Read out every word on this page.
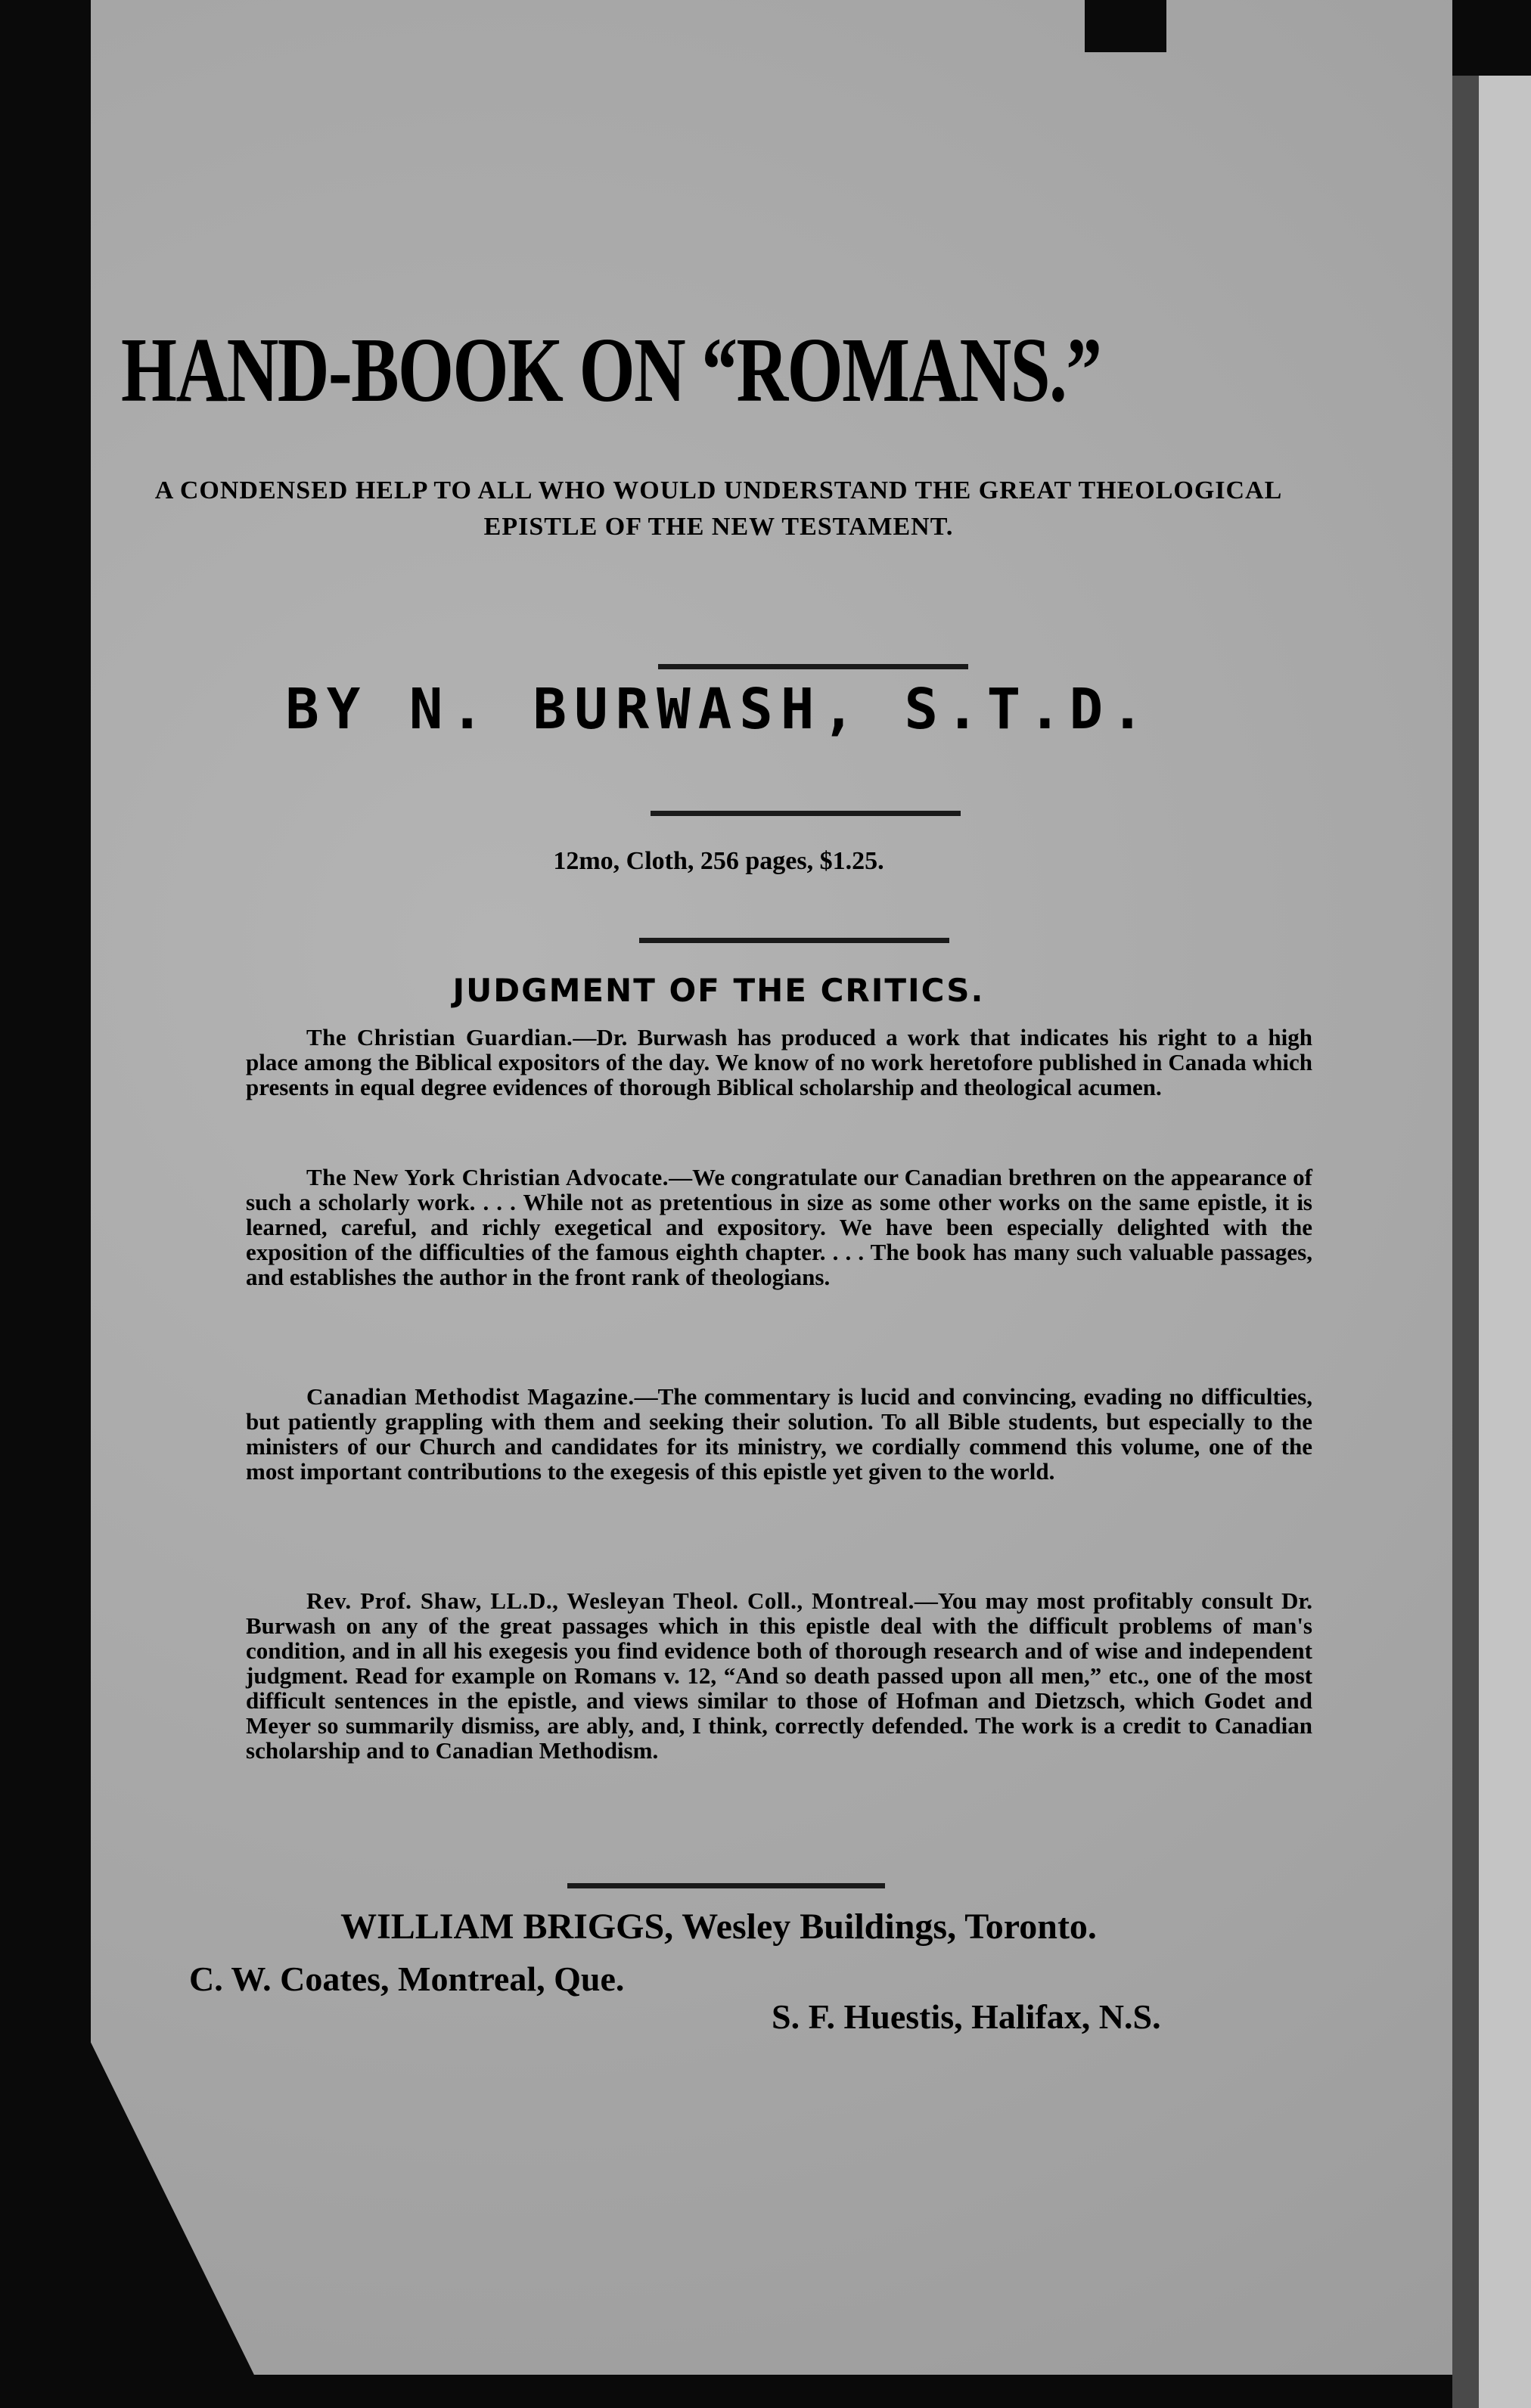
HAND-BOOK ON “ROMANS.”
A CONDENSED HELP TO ALL WHO WOULD UNDERSTAND THE GREAT THEOLOGICAL EPISTLE OF THE NEW TESTAMENT.
BY N. BURWASH, S.T.D.
12mo, Cloth, 256 pages, $1.25.
JUDGMENT OF THE CRITICS.
The Christian Guardian.—Dr. Burwash has produced a work that indicates his right to a high place among the Biblical expositors of the day. We know of no work heretofore published in Canada which presents in equal degree evidences of thorough Biblical scholarship and theological acumen.
The New York Christian Advocate.—We congratulate our Canadian brethren on the appearance of such a scholarly work. . . . While not as pretentious in size as some other works on the same epistle, it is learned, careful, and richly exegetical and expository. We have been especially delighted with the exposition of the difficulties of the famous eighth chapter. . . . The book has many such valuable passages, and establishes the author in the front rank of theologians.
Canadian Methodist Magazine.—The commentary is lucid and convincing, evading no difficulties, but patiently grappling with them and seeking their solution. To all Bible students, but especially to the ministers of our Church and candidates for its ministry, we cordially commend this volume, one of the most important contributions to the exegesis of this epistle yet given to the world.
Rev. Prof. Shaw, LL.D., Wesleyan Theol. Coll., Montreal.—You may most profitably consult Dr. Burwash on any of the great passages which in this epistle deal with the difficult problems of man's condition, and in all his exegesis you find evidence both of thorough research and of wise and independent judgment. Read for example on Romans v. 12, “And so death passed upon all men,” etc., one of the most difficult sentences in the epistle, and views similar to those of Hofman and Dietzsch, which Godet and Meyer so summarily dismiss, are ably, and, I think, correctly defended. The work is a credit to Canadian scholarship and to Canadian Methodism.
WILLIAM BRIGGS, Wesley Buildings, Toronto.
C. W. Coates, Montreal, Que.
S. F. Huestis, Halifax, N.S.
